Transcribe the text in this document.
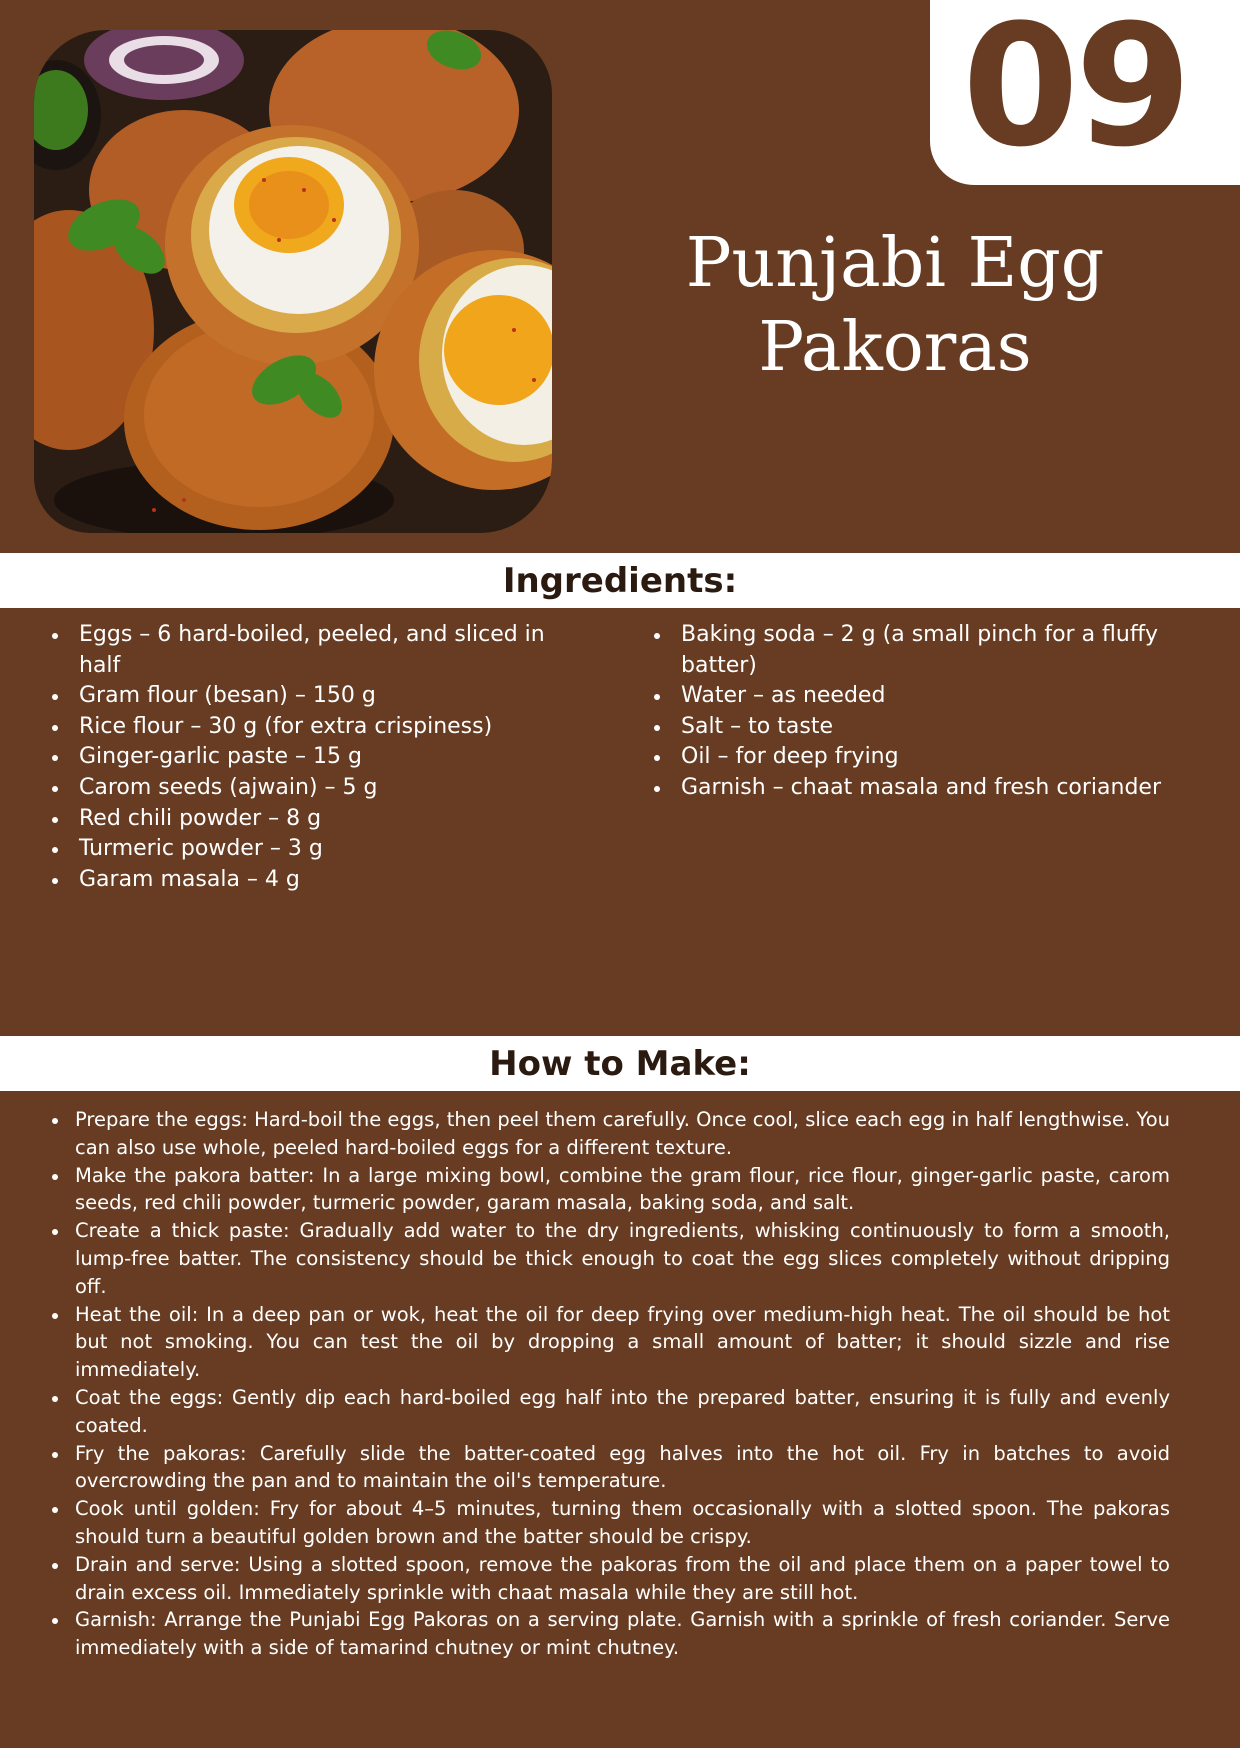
09
Punjabi Egg
Pakoras
Ingredients:
Eggs – 6 hard-boiled, peeled, and sliced in half
Gram flour (besan) – 150 g
Rice flour – 30 g (for extra crispiness)
Ginger-garlic paste – 15 g
Carom seeds (ajwain) – 5 g
Red chili powder – 8 g
Turmeric powder – 3 g
Garam masala – 4 g
Baking soda – 2 g (a small pinch for a fluffy batter)
Water – as needed
Salt – to taste
Oil – for deep frying
Garnish – chaat masala and fresh coriander
How to Make:
Prepare the eggs: Hard-boil the eggs, then peel them carefully. Once cool, slice each egg in half lengthwise. You can also use whole, peeled hard-boiled eggs for a different texture.
Make the pakora batter: In a large mixing bowl, combine the gram flour, rice flour, ginger-garlic paste, carom seeds, red chili powder, turmeric powder, garam masala, baking soda, and salt.
Create a thick paste: Gradually add water to the dry ingredients, whisking continuously to form a smooth, lump-free batter. The consistency should be thick enough to coat the egg slices completely without dripping off.
Heat the oil: In a deep pan or wok, heat the oil for deep frying over medium-high heat. The oil should be hot but not smoking. You can test the oil by dropping a small amount of batter; it should sizzle and rise immediately.
Coat the eggs: Gently dip each hard-boiled egg half into the prepared batter, ensuring it is fully and evenly coated.
Fry the pakoras: Carefully slide the batter-coated egg halves into the hot oil. Fry in batches to avoid overcrowding the pan and to maintain the oil's temperature.
Cook until golden: Fry for about 4–5 minutes, turning them occasionally with a slotted spoon. The pakoras should turn a beautiful golden brown and the batter should be crispy.
Drain and serve: Using a slotted spoon, remove the pakoras from the oil and place them on a paper towel to drain excess oil. Immediately sprinkle with chaat masala while they are still hot.
Garnish: Arrange the Punjabi Egg Pakoras on a serving plate. Garnish with a sprinkle of fresh coriander. Serve immediately with a side of tamarind chutney or mint chutney.
